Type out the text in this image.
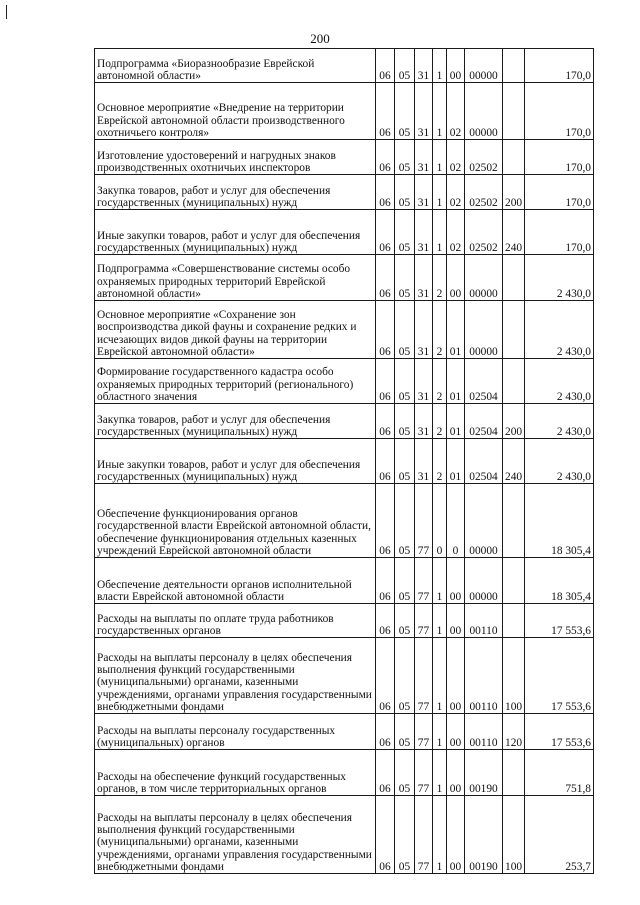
200
Подпрограмма «Биоразнообразие Еврейской автономной области»	06	05	31	1	00	00000		170,0
Основное мероприятие «Внедрение на территории Еврейской автономной области производственного охотничьего контроля»	06	05	31	1	02	00000		170,0
Изготовление удостоверений и нагрудных знаков производственных охотничьих инспекторов	06	05	31	1	02	02502		170,0
Закупка товаров, работ и услуг для обеспечения государственных (муниципальных) нужд	06	05	31	1	02	02502	200	170,0
Иные закупки товаров, работ и услуг для обеспечения государственных (муниципальных) нужд	06	05	31	1	02	02502	240	170,0
Подпрограмма «Совершенствование системы особо охраняемых природных территорий Еврейской автономной области»	06	05	31	2	00	00000		2 430,0
Основное мероприятие «Сохранение зон воспроизводства дикой фауны и сохранение редких и исчезающих видов дикой фауны на территории Еврейской автономной области»	06	05	31	2	01	00000		2 430,0
Формирование государственного кадастра особо охраняемых природных территорий (регионального) областного значения	06	05	31	2	01	02504		2 430,0
Закупка товаров, работ и услуг для обеспечения государственных (муниципальных) нужд	06	05	31	2	01	02504	200	2 430,0
Иные закупки товаров, работ и услуг для обеспечения государственных (муниципальных) нужд	06	05	31	2	01	02504	240	2 430,0
Обеспечение функционирования органов государственной власти Еврейской автономной области, обеспечение функционирования отдельных казенных учреждений Еврейской автономной области	06	05	77	0	0	00000		18 305,4
Обеспечение деятельности органов исполнительной власти Еврейской автономной области	06	05	77	1	00	00000		18 305,4
Расходы на выплаты по оплате труда работников государственных органов	06	05	77	1	00	00110		17 553,6
Расходы на выплаты персоналу в целях обеспечения выполнения функций государственными (муниципальными) органами, казенными учреждениями, органами управления государственными внебюджетными фондами	06	05	77	1	00	00110	100	17 553,6
Расходы на выплаты персоналу государственных (муниципальных) органов	06	05	77	1	00	00110	120	17 553,6
Расходы на обеспечение функций государственных органов, в том числе территориальных органов	06	05	77	1	00	00190		751,8
Расходы на выплаты персоналу в целях обеспечения выполнения функций государственными (муниципальными) органами, казенными учреждениями, органами управления государственными внебюджетными фондами	06	05	77	1	00	00190	100	253,7
